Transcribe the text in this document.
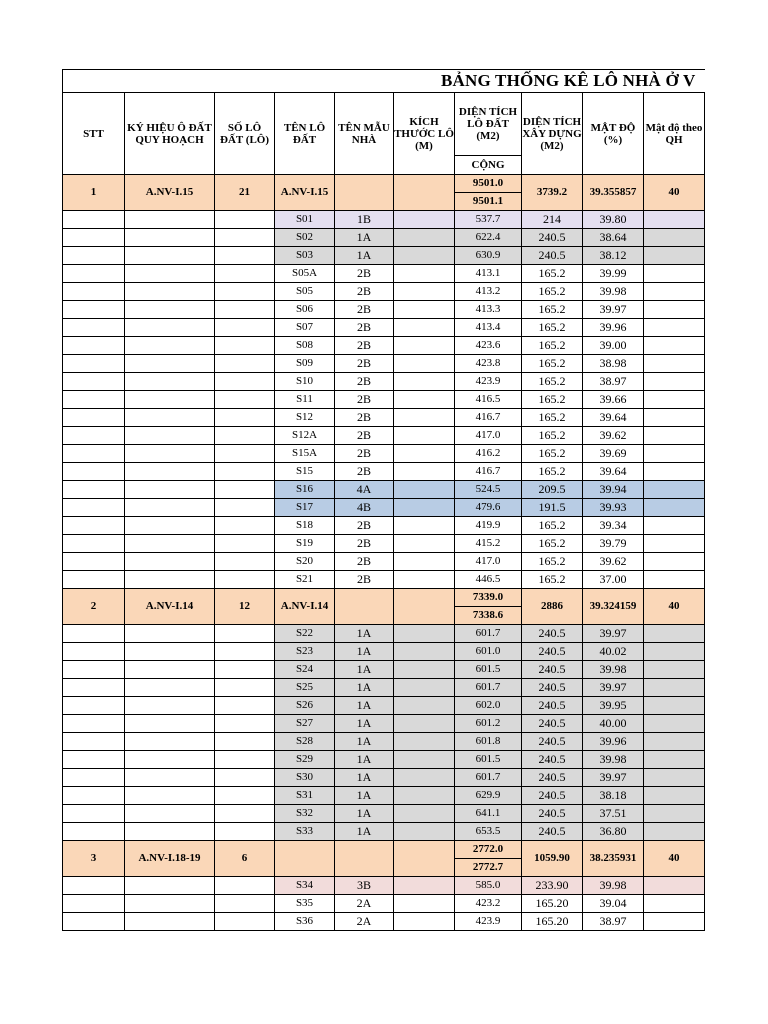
BẢNG THỐNG KÊ LÔ NHÀ Ở V									
STT	KÝ HIỆU Ô ĐẤT QUY HOẠCH	SỐ LÔ ĐẤT (LÔ)	TÊN LÔ ĐẤT	TÊN MẪU NHÀ	KÍCH THƯỚC LÔ (M)	DIỆN TÍCH LÔ ĐẤT (M2)	DIỆN TÍCH XÂY DỰNG (M2)	MẬT ĐỘ (%)	Mật độ theo QH
						CỘNG			
1	A.NV-I.15	21	A.NV-I.15			9501.0	3739.2	39.355857	40
						9501.1			
			S01	1B		537.7	214	39.80	
			S02	1A		622.4	240.5	38.64	
			S03	1A		630.9	240.5	38.12	
			S05A	2B		413.1	165.2	39.99	
			S05	2B		413.2	165.2	39.98	
			S06	2B		413.3	165.2	39.97	
			S07	2B		413.4	165.2	39.96	
			S08	2B		423.6	165.2	39.00	
			S09	2B		423.8	165.2	38.98	
			S10	2B		423.9	165.2	38.97	
			S11	2B		416.5	165.2	39.66	
			S12	2B		416.7	165.2	39.64	
			S12A	2B		417.0	165.2	39.62	
			S15A	2B		416.2	165.2	39.69	
			S15	2B		416.7	165.2	39.64	
			S16	4A		524.5	209.5	39.94	
			S17	4B		479.6	191.5	39.93	
			S18	2B		419.9	165.2	39.34	
			S19	2B		415.2	165.2	39.79	
			S20	2B		417.0	165.2	39.62	
			S21	2B		446.5	165.2	37.00	
2	A.NV-I.14	12	A.NV-I.14			7339.0	2886	39.324159	40
						7338.6			
			S22	1A		601.7	240.5	39.97	
			S23	1A		601.0	240.5	40.02	
			S24	1A		601.5	240.5	39.98	
			S25	1A		601.7	240.5	39.97	
			S26	1A		602.0	240.5	39.95	
			S27	1A		601.2	240.5	40.00	
			S28	1A		601.8	240.5	39.96	
			S29	1A		601.5	240.5	39.98	
			S30	1A		601.7	240.5	39.97	
			S31	1A		629.9	240.5	38.18	
			S32	1A		641.1	240.5	37.51	
			S33	1A		653.5	240.5	36.80	
3	A.NV-I.18-19	6				2772.0	1059.90	38.235931	40
						2772.7			
			S34	3B		585.0	233.90	39.98	
			S35	2A		423.2	165.20	39.04	
			S36	2A		423.9	165.20	38.97	
